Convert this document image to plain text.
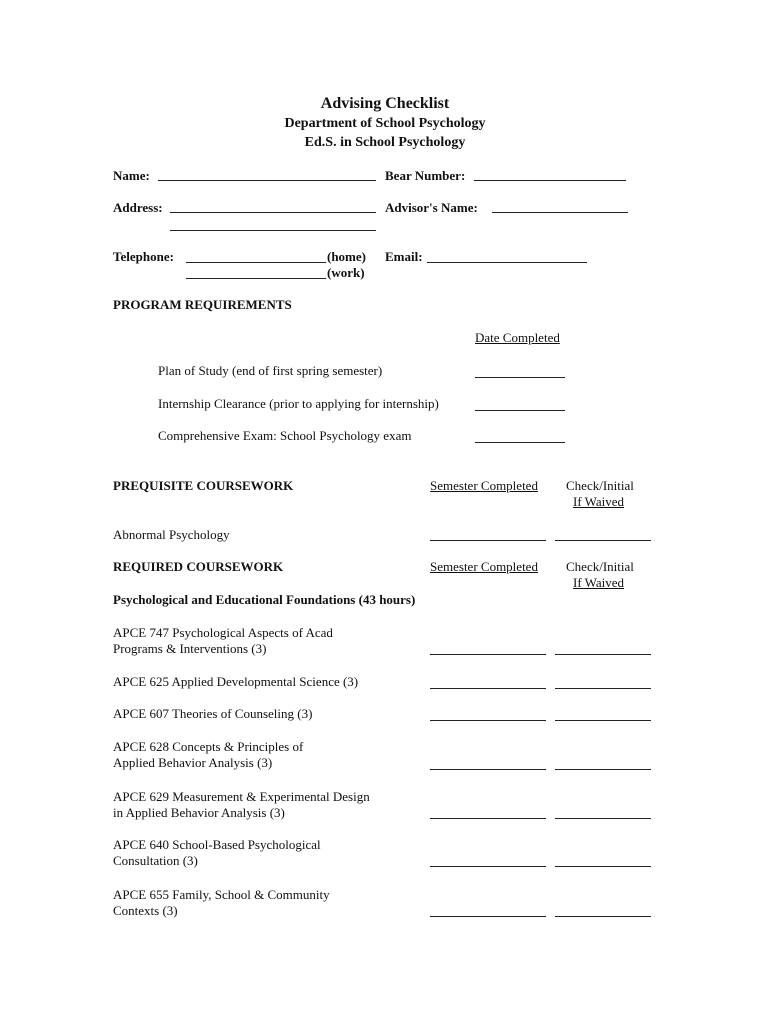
Advising Checklist
Department of School Psychology
Ed.S. in School Psychology
Name:	Bear Number:
Address:	Advisor's Name:
Telephone:	(home)
(work)
Email:
PROGRAM REQUIREMENTS
Date Completed
Plan of Study (end of first spring semester)
Internship Clearance (prior to applying for internship)
Comprehensive Exam: School Psychology exam
PREQUISITE COURSEWORK	Semester Completed Check/Initial
If Waived
Abnormal Psychology
REQUIRED COURSEWORK	Semester Completed Check/Initial
If Waived
Psychological and Educational Foundations (43 hours)
APCE 747 Psychological Aspects of Acad
Programs & Interventions (3)
APCE 625 Applied Developmental Science (3)
APCE 607 Theories of Counseling (3)
APCE 628 Concepts & Principles of
Applied Behavior Analysis (3)
APCE 629 Measurement & Experimental Design
in Applied Behavior Analysis (3)
APCE 640 School-Based Psychological
Consultation (3)
APCE 655 Family, School & Community
Contexts (3)
